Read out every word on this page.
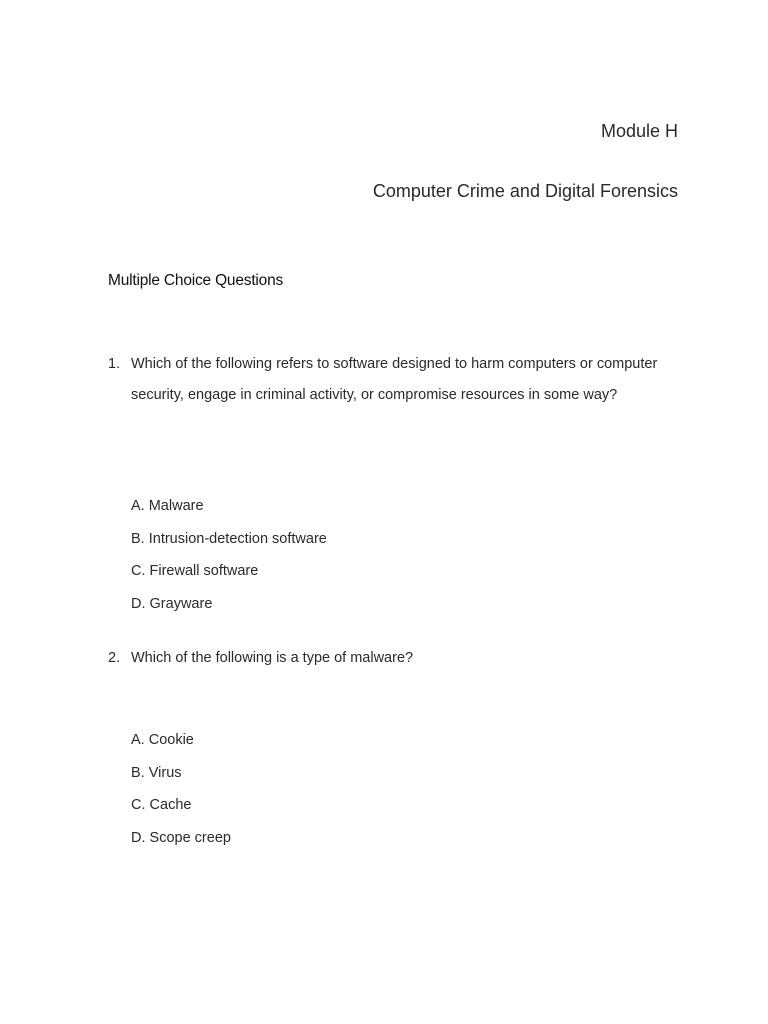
Module H
Computer Crime and Digital Forensics
Multiple Choice Questions
1. Which of the following refers to software designed to harm computers or computer security, engage in criminal activity, or compromise resources in some way?
A. Malware
B. Intrusion-detection software
C. Firewall software
D. Grayware
2. Which of the following is a type of malware?
A. Cookie
B. Virus
C. Cache
D. Scope creep
